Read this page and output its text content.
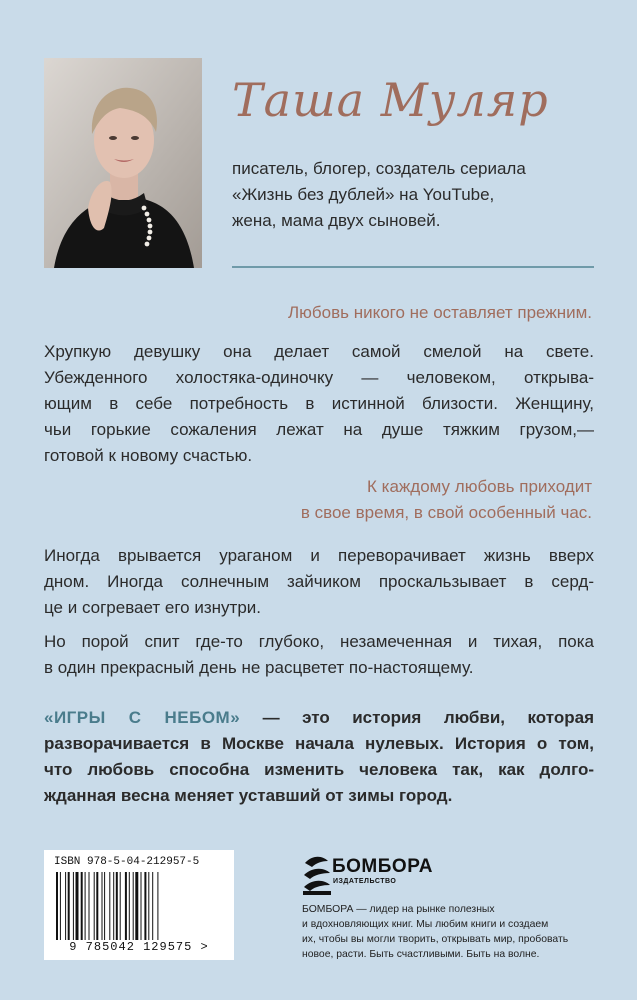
Таша Муляр
писатель, блогер, создатель сериала
«Жизнь без дублей» на YouTube,
жена, мама двух сыновей.
Любовь никого не оставляет прежним.
Хрупкую девушку она делает самой смелой на свете.
Убежденного холостяка-одиночку — человеком, открыва-
ющим в себе потребность в истинной близости. Женщину,
чьи горькие сожаления лежат на душе тяжким грузом,—
готовой к новому счастью.
К каждому любовь приходит
в свое время, в свой особенный час.
Иногда врывается ураганом и переворачивает жизнь вверх
дном. Иногда солнечным зайчиком проскальзывает в серд-
це и согревает его изнутри.
Но порой спит где-то глубоко, незамеченная и тихая, пока
в один прекрасный день не расцветет по-настоящему.
«ИГРЫ С НЕБОМ» — это история любви, которая
разворачивается в Москве начала нулевых. История о том,
что любовь способна изменить человека так, как долго-
жданная весна меняет уставший от зимы город.
ISBN 978-5-04-212957-5
9 785042 129575 >
БОМБОРА
ИЗДАТЕЛЬСТВО
БОМБОРА — лидер на рынке полезных
и вдохновляющих книг. Мы любим книги и создаем
их, чтобы вы могли творить, открывать мир, пробовать
новое, расти. Быть счастливыми. Быть на волне.
